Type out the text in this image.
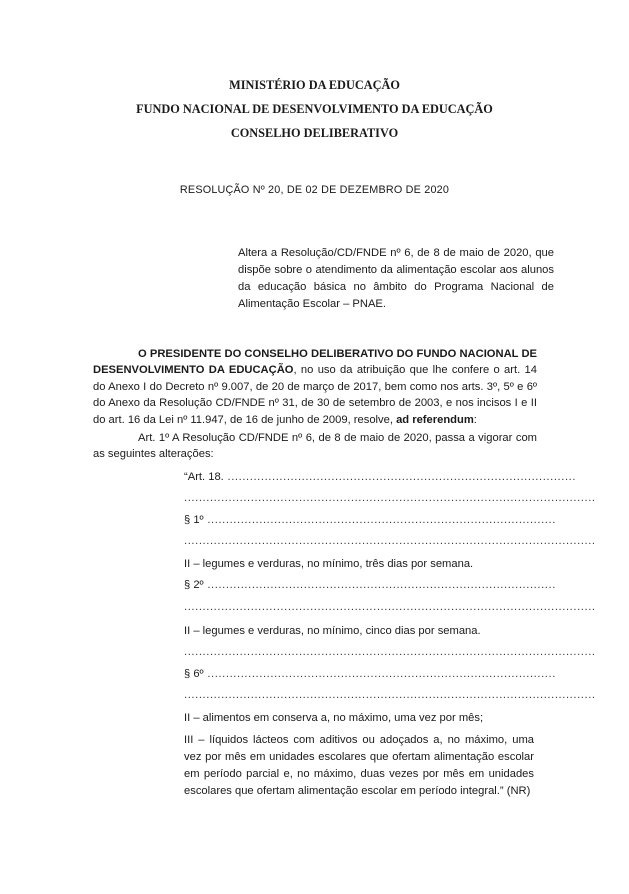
MINISTÉRIO DA EDUCAÇÃO
FUNDO NACIONAL DE DESENVOLVIMENTO DA EDUCAÇÃO
CONSELHO DELIBERATIVO
RESOLUÇÃO Nº 20, DE 02 DE DEZEMBRO DE 2020
Altera a Resolução/CD/FNDE nº 6, de 8 de maio de 2020, que dispõe sobre o atendimento da alimentação escolar aos alunos da educação básica no âmbito do Programa Nacional de Alimentação Escolar – PNAE.
O PRESIDENTE DO CONSELHO DELIBERATIVO DO FUNDO NACIONAL DE DESENVOLVIMENTO DA EDUCAÇÃO, no uso da atribuição que lhe confere o art. 14 do Anexo I do Decreto nº 9.007, de 20 de março de 2017, bem como nos arts. 3º, 5º e 6º do Anexo da Resolução CD/FNDE nº 31, de 30 de setembro de 2003, e nos incisos I e II do art. 16 da Lei nº 11.947, de 16 de junho de 2009, resolve, ad referendum:
Art. 1º A Resolução CD/FNDE nº 6, de 8 de maio de 2020, passa a vigorar com as seguintes alterações:
“Art. 18. ..............................................................................................
...............................................................................................................
§ 1º ..............................................................................................
...............................................................................................................
II – legumes e verduras, no mínimo, três dias por semana.
§ 2º ..............................................................................................
...............................................................................................................
II – legumes e verduras, no mínimo, cinco dias por semana.
...............................................................................................................
§ 6º ..............................................................................................
...............................................................................................................
II – alimentos em conserva a, no máximo, uma vez por mês;
III – líquidos lácteos com aditivos ou adoçados a, no máximo, uma vez por mês em unidades escolares que ofertam alimentação escolar em período parcial e, no máximo, duas vezes por mês em unidades escolares que ofertam alimentação escolar em período integral.” (NR)
